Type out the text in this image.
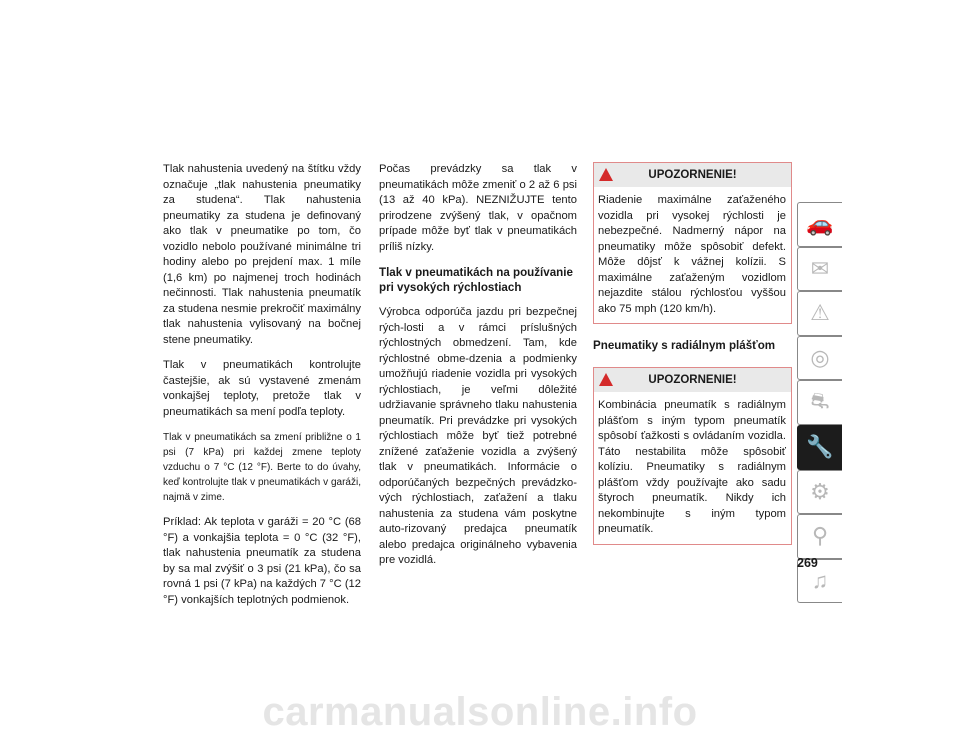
Tlak nahustenia uvedený na štítku vždy označuje „tlak nahustenia pneumatiky za studena“. Tlak nahustenia pneumatiky za studena je definovaný ako tlak v pneumatike po tom, čo vozidlo nebolo používané minimálne tri hodiny alebo po prejdení max. 1 míle (1,6 km) po najmenej troch hodinách nečinnosti. Tlak nahustenia pneumatík za studena nesmie prekročiť maximálny tlak nahustenia vylisovaný na bočnej stene pneumatiky.

Tlak v pneumatikách kontrolujte častejšie, ak sú vystavené zmenám vonkajšej teploty, pretože tlak v pneumatikách sa mení podľa teploty.

Tlak v pneumatikách sa zmení približne o 1 psi (7 kPa) pri každej zmene teploty vzduchu o 7 °C (12 °F). Berte to do úvahy, keď kontrolujte tlak v pneumatikách v garáži, najmä v zime.

Príklad: Ak teplota v garáži = 20 °C (68 °F) a vonkajšia teplota = 0 °C (32 °F), tlak nahustenia pneumatík za studena by sa mal zvýšiť o 3 psi (21 kPa), čo sa rovná 1 psi (7 kPa) na každých 7 °C (12 °F) vonkajších teplotných podmienok.

Počas prevádzky sa tlak v pneumatikách môže zmeniť o 2 až 6 psi (13 až 40 kPa). NEZNIŽUJTE tento prirodzene zvýšený tlak, v opačnom prípade môže byť tlak v pneumatikách príliš nízky.

Tlak v pneumatikách na používanie pri vysokých rýchlostiach

Výrobca odporúča jazdu pri bezpečnej rých-losti a v rámci príslušných rýchlostných obmedzení. Tam, kde rýchlostné obme-dzenia a podmienky umožňujú riadenie vozidla pri vysokých rýchlostiach, je veľmi dôležité udržiavanie správneho tlaku nahustenia pneumatík. Pri prevádzke pri vysokých rýchlostiach môže byť tiež potrebné znížené zaťaženie vozidla a zvýšený tlak v pneumatikách. Informácie o odporúčaných bezpečných prevádzko-vých rýchlostiach, zaťažení a tlaku nahustenia za studena vám poskytne auto-rizovaný predajca pneumatík alebo predajca originálneho vybavenia pre vozidlá.

UPOZORNENIE!
Riadenie maximálne zaťaženého vozidla pri vysokej rýchlosti je nebezpečné. Nadmerný nápor na pneumatiky môže spôsobiť defekt. Môže dôjsť k vážnej kolízii. S maximálne zaťaženým vozidlom nejazdite stálou rýchlosťou vyššou ako 75 mph (120 km/h).
Pneumatiky s radiálnym plášťom
UPOZORNENIE!
Kombinácia pneumatík s radiálnym plášťom s iným typom pneumatík spôsobí ťažkosti s ovládaním vozidla. Táto nestabilita môže spôsobiť kolíziu. Pneumatiky s radiálnym plášťom vždy používajte ako sadu štyroch pneumatík. Nikdy ich nekombinujte s iným typom pneumatík.
🚗
✉
⚠
◎
⛐
🔧
⚙
⚲
♫
269
carmanualsonline.info
